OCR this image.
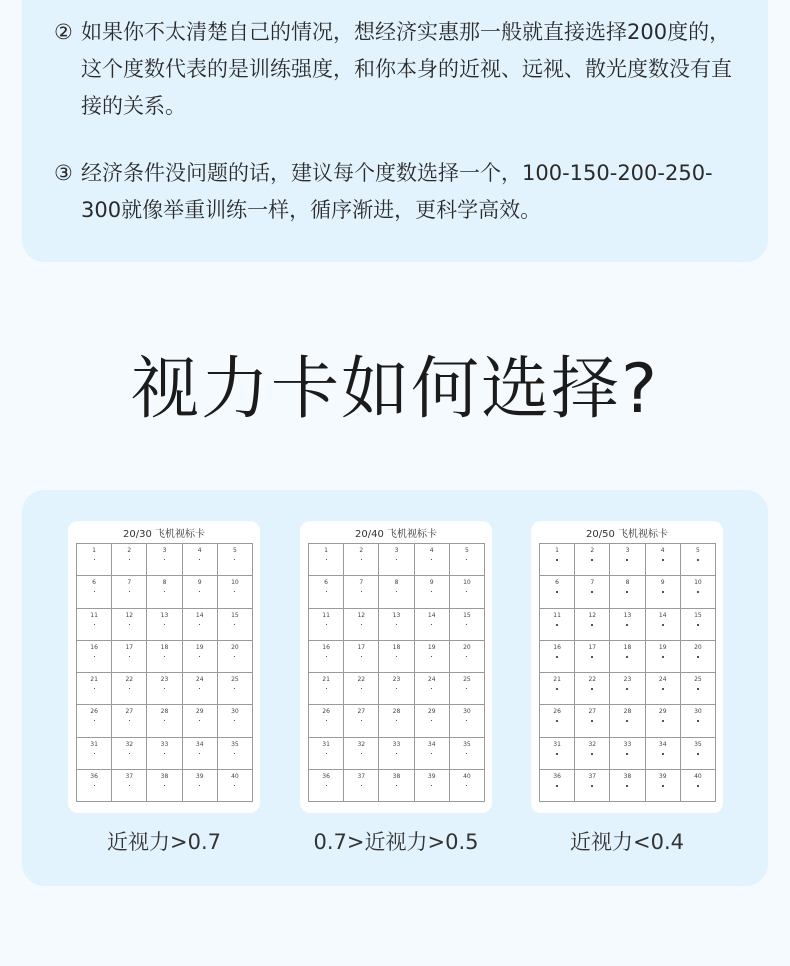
② 如果你不太清楚自己的情况，想经济实惠那一般就直接选择200度的，这个度数代表的是训练强度，和你本身的近视、远视、散光度数没有直接的关系。
③ 经济条件没问题的话，建议每个度数选择一个，100-150-200-250-300就像举重训练一样，循序渐进，更科学高效。
视力卡如何选择?
20/30 飞机视标卡
1	2	3	4	5
6	7	8	9	10
11	12	13	14	15
16	17	18	19	20
21	22	23	24	25
26	27	28	29	30
31	32	33	34	35
36	37	38	39	40
20/40 飞机视标卡
1	2	3	4	5
6	7	8	9	10
11	12	13	14	15
16	17	18	19	20
21	22	23	24	25
26	27	28	29	30
31	32	33	34	35
36	37	38	39	40
20/50 飞机视标卡
1	2	3	4	5
6	7	8	9	10
11	12	13	14	15
16	17	18	19	20
21	22	23	24	25
26	27	28	29	30
31	32	33	34	35
36	37	38	39	40
近视力>0.7	0.7>近视力>0.5	近视力<0.4
